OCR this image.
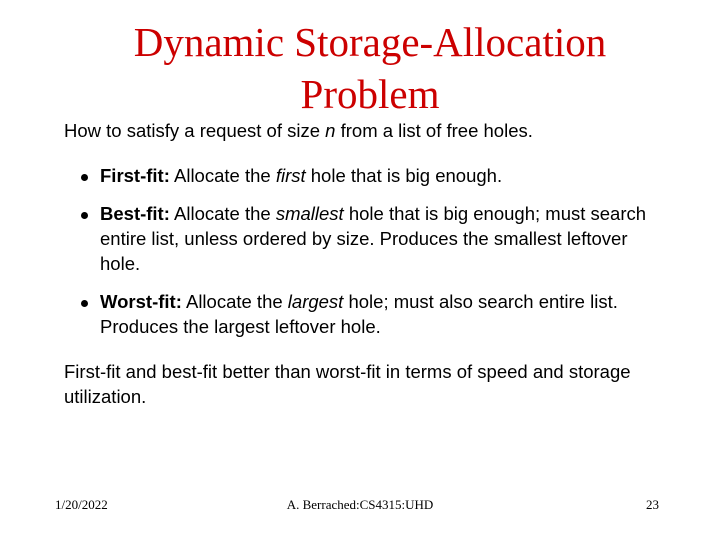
Dynamic Storage-Allocation
Problem

How to satisfy a request of size n from a list of free holes.

First-fit: Allocate the first hole that is big enough.
Best-fit: Allocate the smallest hole that is big enough; must search entire list, unless ordered by size. Produces the smallest leftover hole.
Worst-fit: Allocate the largest hole; must also search entire list. Produces the largest leftover hole.

First-fit and best-fit better than worst-fit in terms of speed and storage utilization.

1/20/2022	A. Berrached:CS4315:UHD	23
